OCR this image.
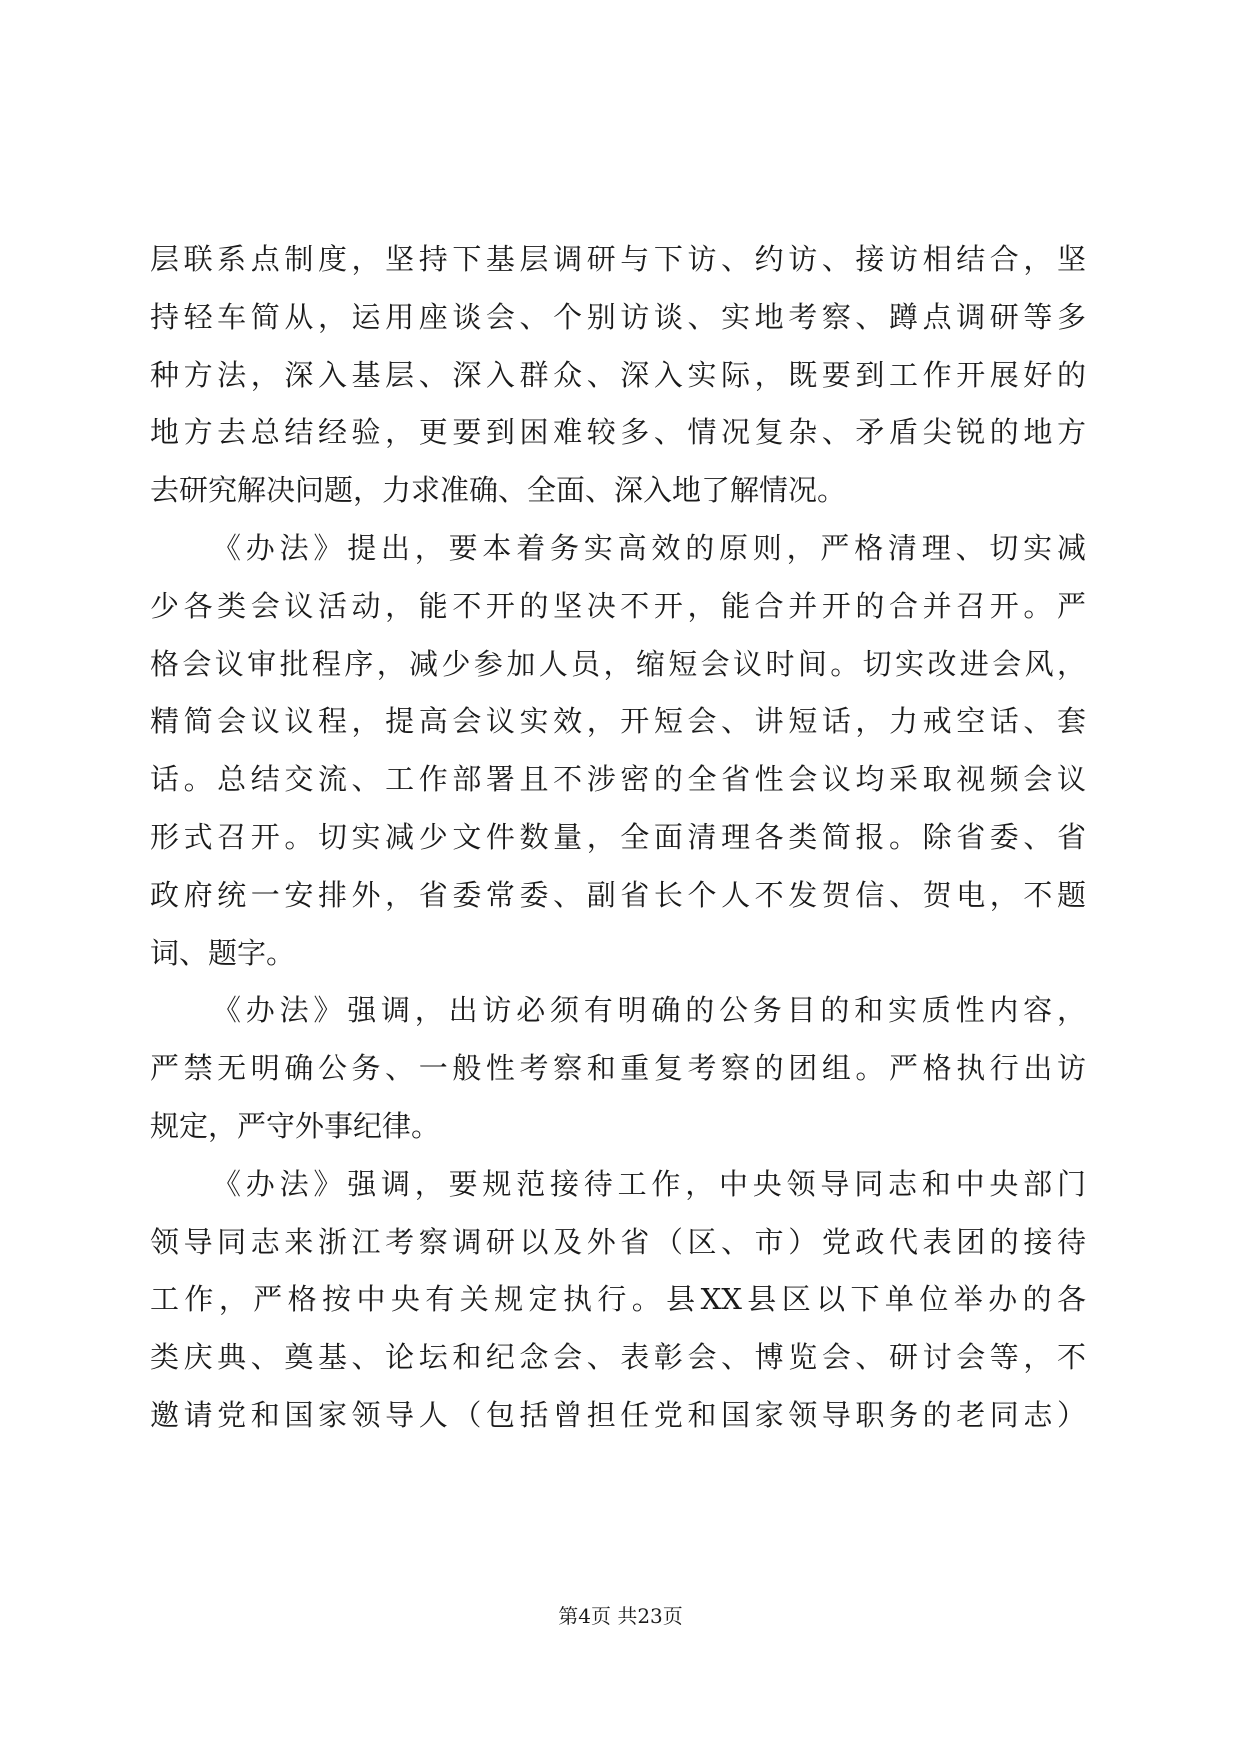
层联系点制度，坚持下基层调研与下访、约访、接访相结合，坚
持轻车简从，运用座谈会、个别访谈、实地考察、蹲点调研等多
种方法，深入基层、深入群众、深入实际，既要到工作开展好的
地方去总结经验，更要到困难较多、情况复杂、矛盾尖锐的地方
去研究解决问题，力求准确、全面、深入地了解情况。
《办法》提出，要本着务实高效的原则，严格清理、切实减
少各类会议活动，能不开的坚决不开，能合并开的合并召开。严
格会议审批程序，减少参加人员，缩短会议时间。切实改进会风，
精简会议议程，提高会议实效，开短会、讲短话，力戒空话、套
话。总结交流、工作部署且不涉密的全省性会议均采取视频会议
形式召开。切实减少文件数量，全面清理各类简报。除省委、省
政府统一安排外，省委常委、副省长个人不发贺信、贺电，不题
词、题字。
《办法》强调，出访必须有明确的公务目的和实质性内容，
严禁无明确公务、一般性考察和重复考察的团组。严格执行出访
规定，严守外事纪律。
《办法》强调，要规范接待工作，中央领导同志和中央部门
领导同志来浙江考察调研以及外省（区、市）党政代表团的接待
工作，严格按中央有关规定执行。县XX县区以下单位举办的各
类庆典、奠基、论坛和纪念会、表彰会、博览会、研讨会等，不
邀请党和国家领导人（包括曾担任党和国家领导职务的老同志）
第4页 共23页
